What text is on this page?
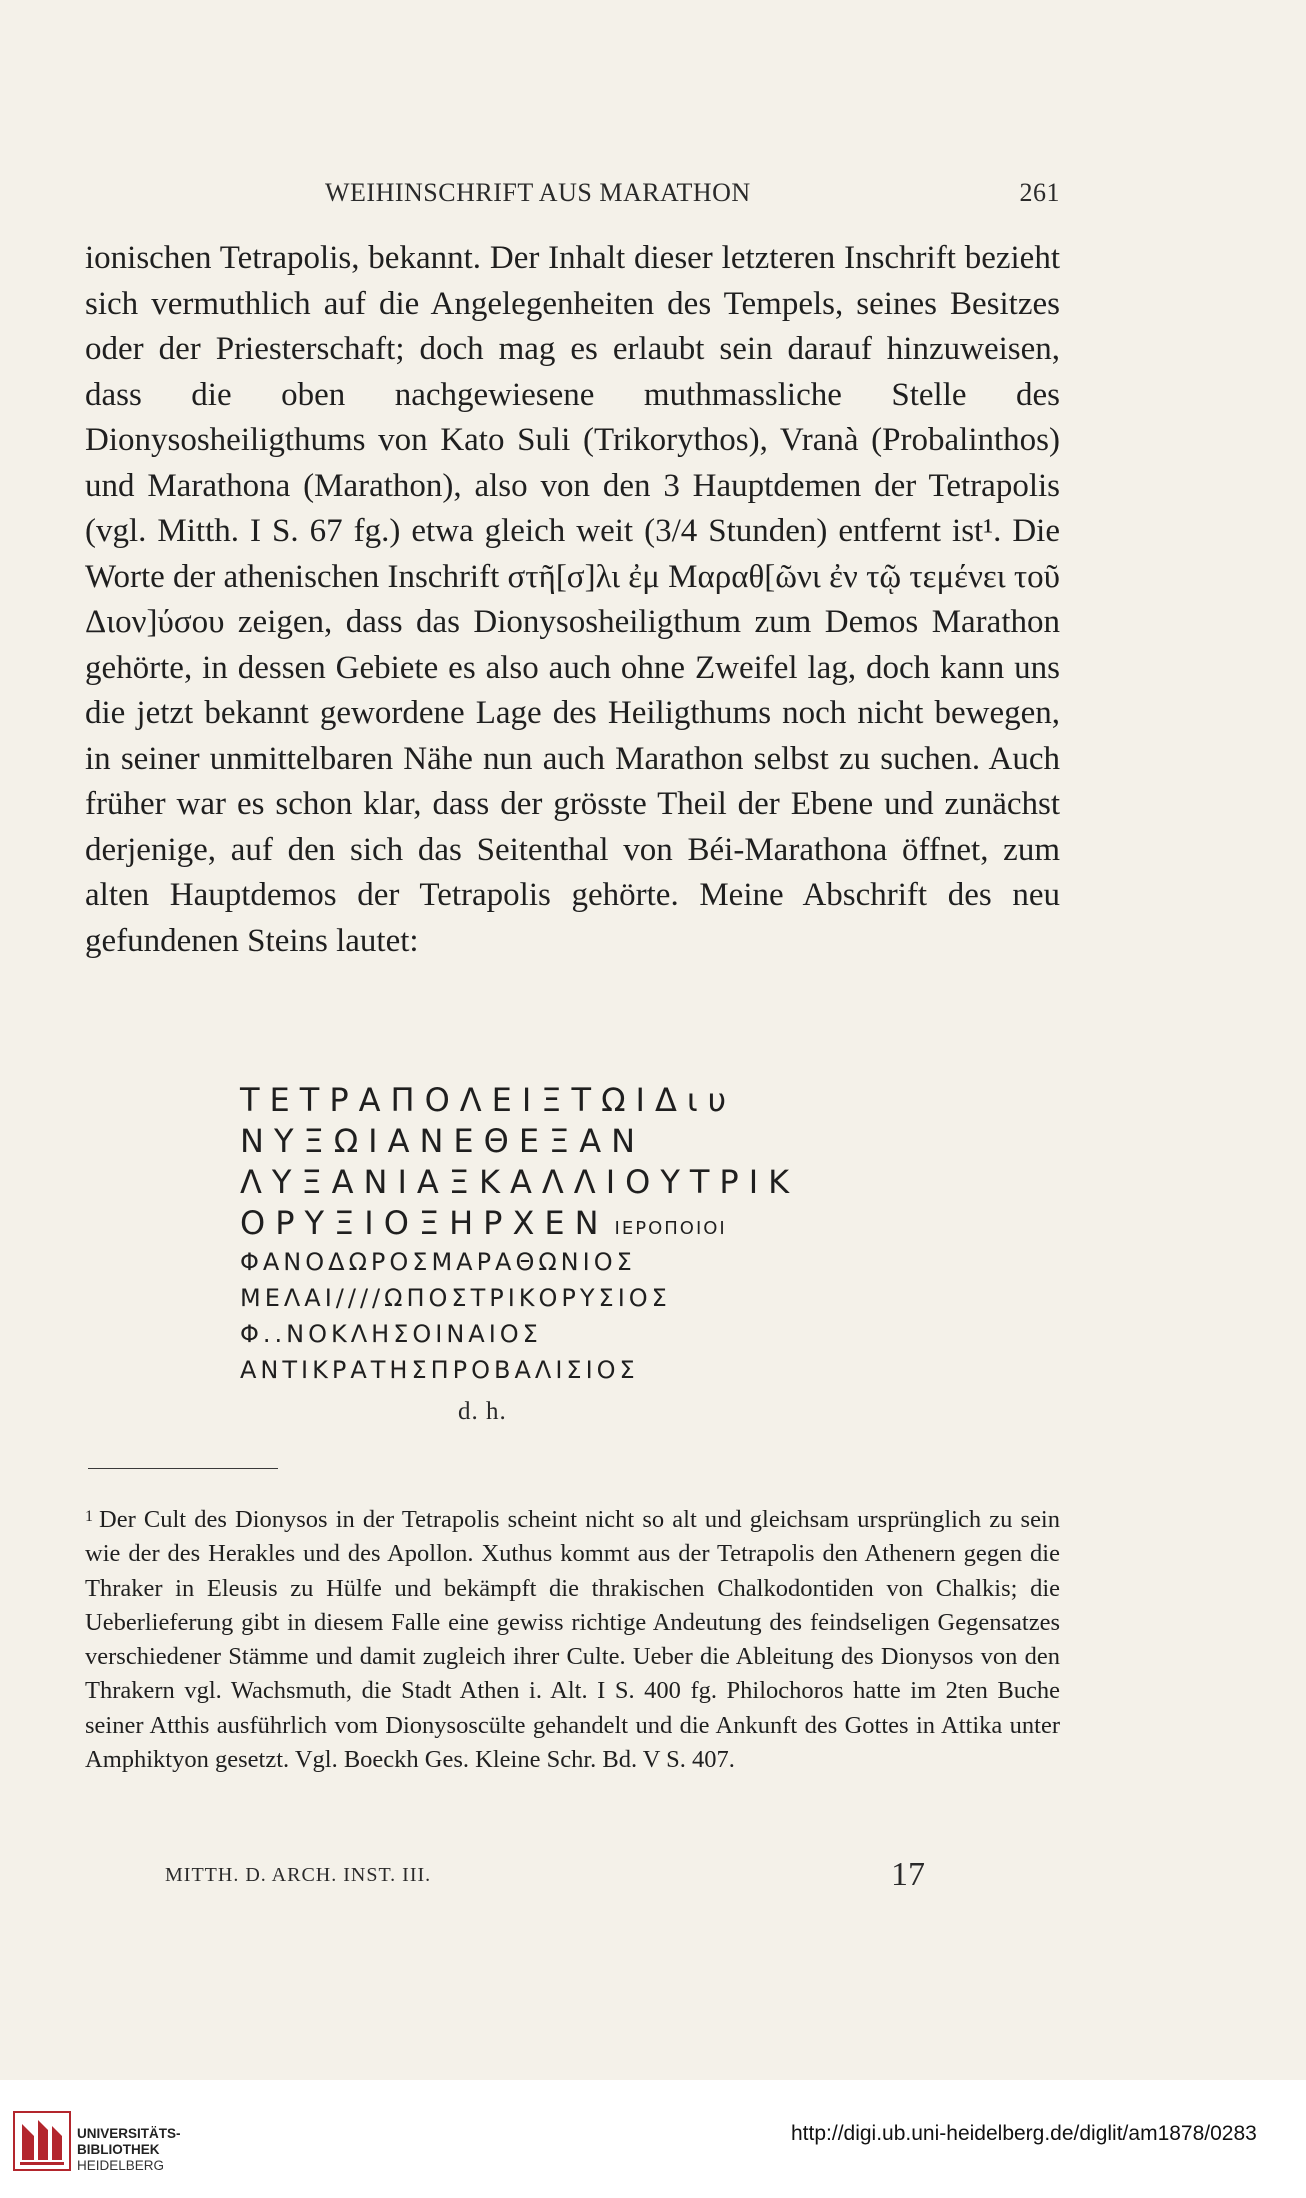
WEIHINSCHRIFT AUS MARATHON	261

ionischen Tetrapolis, bekannt. Der Inhalt dieser letzteren Inschrift bezieht sich vermuthlich auf die Angelegenheiten des Tempels, seines Besitzes oder der Priesterschaft; doch mag es erlaubt sein darauf hinzuweisen, dass die oben nachgewiesene muthmassliche Stelle des Dionysosheiligthums von Kato Suli (Trikorythos), Vranà (Probalinthos) und Marathona (Marathon), also von den 3 Hauptdemen der Tetrapolis (vgl. Mitth. I S. 67 fg.) etwa gleich weit (3/4 Stunden) entfernt ist¹. Die Worte der athenischen Inschrift στῆ[σ]λι ἐμ Μαραθ[ῶνι ἐν τῷ τεμένει τοῦ Διον]ύσου zeigen, dass das Dionysosheiligthum zum Demos Marathon gehörte, in dessen Gebiete es also auch ohne Zweifel lag, doch kann uns die jetzt bekannt gewordene Lage des Heiligthums noch nicht bewegen, in seiner unmittelbaren Nähe nun auch Marathon selbst zu suchen. Auch früher war es schon klar, dass der grösste Theil der Ebene und zunächst derjenige, auf den sich das Seitenthal von Béi-Marathona öffnet, zum alten Hauptdemos der Tetrapolis gehörte. Meine Abschrift des neu gefundenen Steins lautet:

ΤΕΤΡΑΠΟΛΕΙΞΤΩΙΔιυ
ΝΥΞΩΙΑΝΕΘΕΞΑΝ
ΛΥΞΑΝΙΑΞΚΑΛΛΙΟΥΤΡΙΚ
ΟΡΥΞΙΟΞΗΡΧΕΝ ΙΕΡΟΠΟΙΟΙ
ΦΑΝΟΔΩΡΟΣΜΑΡΑΘΩΝΙΟΣ
ΜΕΛΑΙ////ΩΠΟΣΤΡΙΚΟΡΥΣΙΟΣ
Φ..ΝΟΚΛΗΣΟΙΝΑΙΟΣ
ΑΝΤΙΚΡΑΤΗΣΠΡΟΒΑΛΙΣΙΟΣ
d. h.
$^1$ Der Cult des Dionysos in der Tetrapolis scheint nicht so alt und gleichsam ursprünglich zu sein wie der des Herakles und des Apollon. Xuthus kommt aus der Tetrapolis den Athenern gegen die Thraker in Eleusis zu Hülfe und bekämpft die thrakischen Chalkodontiden von Chalkis; die Ueberlieferung gibt in diesem Falle eine gewiss richtige Andeutung des feindseligen Gegensatzes verschiedener Stämme und damit zugleich ihrer Culte. Ueber die Ableitung des Dionysos von den Thrakern vgl. Wachsmuth, die Stadt Athen i. Alt. I S. 400 fg. Philochoros hatte im 2ten Buche seiner Atthis ausführlich vom Dionysoscülte gehandelt und die Ankunft des Gottes in Attika unter Amphiktyon gesetzt. Vgl. Boeckh Ges. Kleine Schr. Bd. V S. 407.
MITTH. D. ARCH. INST. III.	17
UNIVERSITÄTS-
BIBLIOTHEK
HEIDELBERG
http://digi.ub.uni-heidelberg.de/diglit/am1878/0283
